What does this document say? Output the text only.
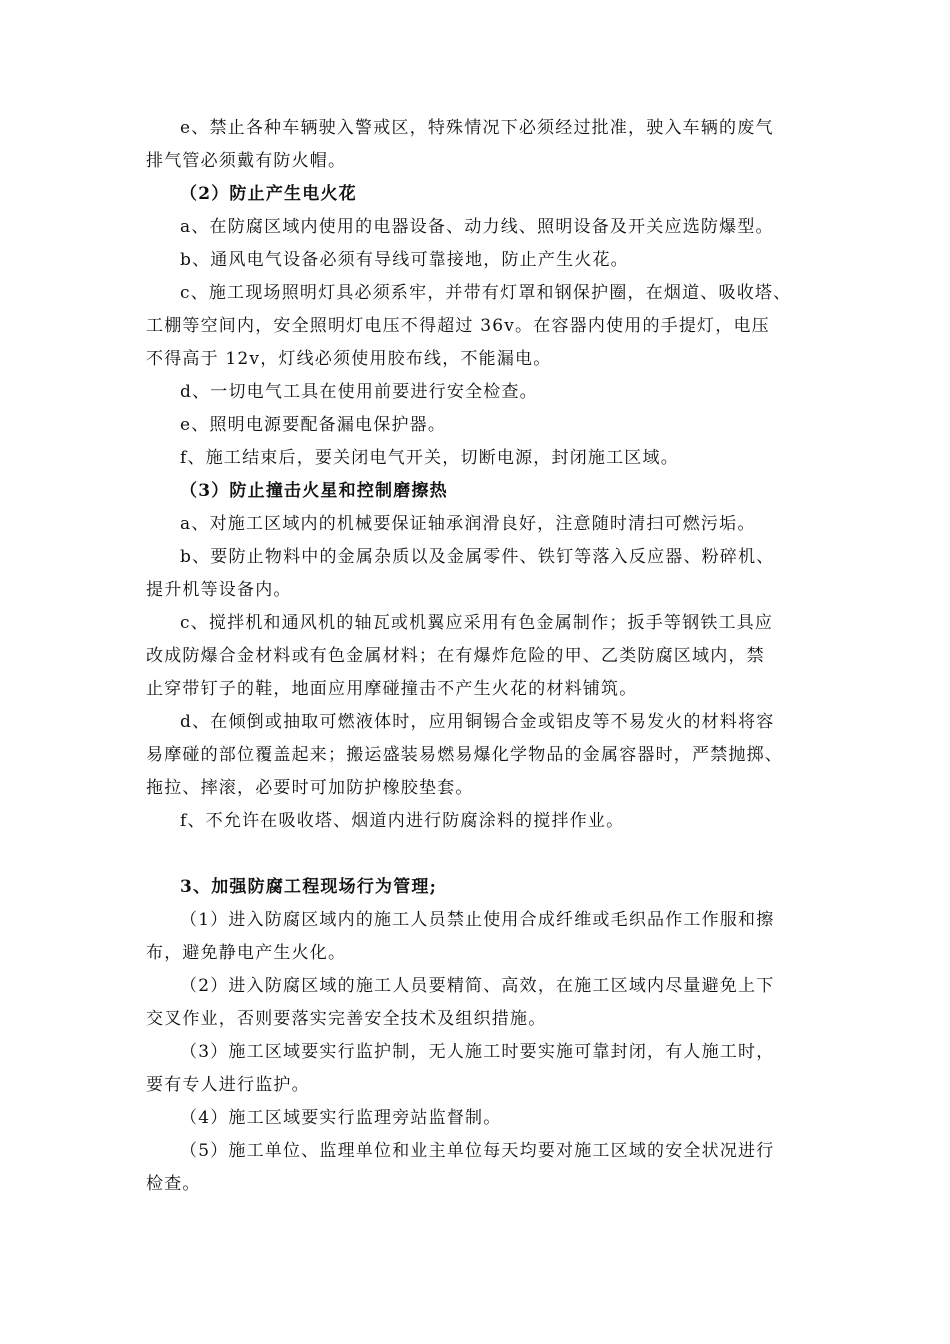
e、禁止各种车辆驶入警戒区，特殊情况下必须经过批准，驶入车辆的废气
排气管必须戴有防火帽。
（2）防止产生电火花
a、在防腐区域内使用的电器设备、动力线、照明设备及开关应选防爆型。
b、通风电气设备必须有导线可靠接地，防止产生火花。
c、施工现场照明灯具必须系牢，并带有灯罩和钢保护圈，在烟道、吸收塔、
工棚等空间内，安全照明灯电压不得超过 36v。在容器内使用的手提灯，电压
不得高于 12v，灯线必须使用胶布线，不能漏电。
d、一切电气工具在使用前要进行安全检查。
e、照明电源要配备漏电保护器。
f、施工结束后，要关闭电气开关，切断电源，封闭施工区域。
（3）防止撞击火星和控制磨擦热
a、对施工区域内的机械要保证轴承润滑良好，注意随时清扫可燃污垢。
b、要防止物料中的金属杂质以及金属零件、铁钉等落入反应器、粉碎机、
提升机等设备内。
c、搅拌机和通风机的轴瓦或机翼应采用有色金属制作；扳手等钢铁工具应
改成防爆合金材料或有色金属材料；在有爆炸危险的甲、乙类防腐区域内，禁
止穿带钉子的鞋，地面应用摩碰撞击不产生火花的材料铺筑。
d、在倾倒或抽取可燃液体时，应用铜锡合金或铝皮等不易发火的材料将容
易摩碰的部位覆盖起来；搬运盛装易燃易爆化学物品的金属容器时，严禁抛掷、
拖拉、摔滚，必要时可加防护橡胶垫套。
f、不允许在吸收塔、烟道内进行防腐涂料的搅拌作业。
3、加强防腐工程现场行为管理;
（1）进入防腐区域内的施工人员禁止使用合成纤维或毛织品作工作服和擦
布，避免静电产生火化。
（2）进入防腐区域的施工人员要精简、高效，在施工区域内尽量避免上下
交叉作业，否则要落实完善安全技术及组织措施。
（3）施工区域要实行监护制，无人施工时要实施可靠封闭，有人施工时，
要有专人进行监护。
（4）施工区域要实行监理旁站监督制。
（5）施工单位、监理单位和业主单位每天均要对施工区域的安全状况进行
检查。
